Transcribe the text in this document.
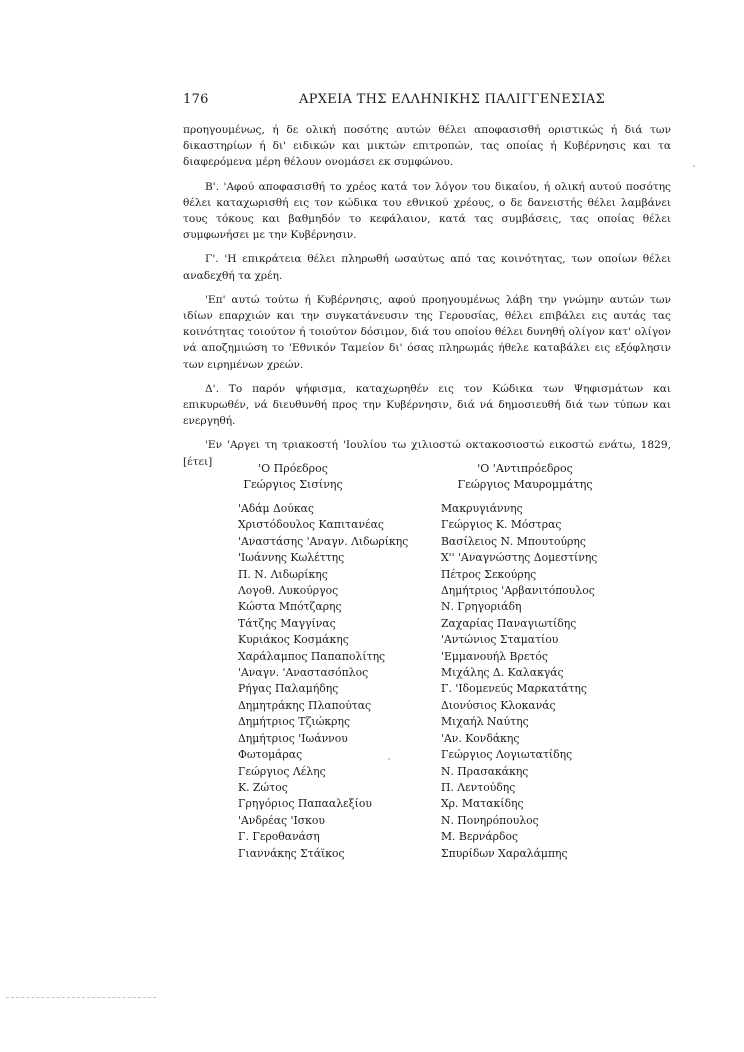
176	ΑΡΧΕΙΑ ΤΗΣ ΕΛΛΗΝΙΚΗΣ ΠΑΛΙΓΓΕΝΕΣΙΑΣ

προηγουμένως, ή δε ολική ποσότης αυτών θέλει αποφασισθή οριστικώς ή διά των δικαστηρίων ή δι' ειδικών και μικτών επιτροπών, τας οποίας ή Κυβέρνησις και τα διαφερόμενα μέρη θέλουν ονομάσει εκ συμφώνου.

Β'. 'Αφού αποφασισθή το χρέος κατά τον λόγον του δικαίου, ή ολική αυτού ποσότης θέλει καταχωρισθή εις τον κώδικα του εθνικού χρέους, ο δε δανειστής θέλει λαμβάνει τους τόκους και βαθμηδόν το κεφάλαιον, κατά τας συμβάσεις, τας οποίας θέλει συμφωνήσει με την Κυβέρνησιν.

Γ'. 'Η επικράτεια θέλει πληρωθή ωσαύτως από τας κοινότητας, των οποίων θέλει αναδεχθή τα χρέη.

'Επ' αυτώ τούτω ή Κυβέρνησις, αφού προηγουμένως λάβη την γνώμην αυτών των ιδίων επαρχιών και την συγκατάνευσιν της Γερουσίας, θέλει επιβάλει εις αυτάς τας κοινότητας τοιούτον ή τοιούτον δόσιμον, διά του οποίου θέλει δυνηθή ολίγον κατ' ολίγον νά αποζημιώση το 'Εθνικόν Ταμείον δι' όσας πληρωμάς ήθελε καταβάλει εις εξόφλησιν των ειρημένων χρεών.

Δ'. Το παρόν ψήφισμα, καταχωρηθέν εις τον Κώδικα των Ψηφισμάτων και επικυρωθέν, νά διευθυνθή προς την Κυβέρνησιν, διά νά δημοσιευθή διά των τύπων και ενεργηθή.

'Εν 'Αργει τη τριακοστή 'Ιουλίου τω χιλιοστώ οκτακοσιοστώ εικοστώ ενάτω, 1829, [έτει]

'Ο Πρόεδρος
Γεώργιος Σισίνης
'Ο 'Αντιπρόεδρος
Γεώργιος Μαυρομμάτης
'Αδάμ Δούκας
Χριστόδουλος Καπιτανέας
'Αναστάσης 'Αναγν. Λιδωρίκης
'Ιωάννης Κωλέττης
Π. Ν. Λιδωρίκης
Λογοθ. Λυκούργος
Κώστα Μπότζαρης
Τάτζης Μαγγίνας
Κυριάκος Κοσμάκης
Χαράλαμπος Παπαπολίτης
'Αναγν. 'Αναστασόπλος
Ρήγας Παλαμήδης
Δημητράκης Πλαπούτας
Δημήτριος Τζιώκρης
Δημήτριος 'Ιωάννου
Φωτομάρας
Γεώργιος Λέλης
Κ. Ζώτος
Γρηγόριος Παπααλεξίου
'Ανδρέας 'Ισκου
Γ. Γεροθανάση
Γιαννάκης Στάϊκος
Μακρυγιάννης
Γεώργιος Κ. Μόστρας
Βασίλειος Ν. Μπουτούρης
Χ'' 'Αναγνώστης Δομεστίνης
Πέτρος Σεκούρης
Δημήτριος 'Αρβανιτόπουλος
Ν. Γρηγοριάδη
Ζαχαρίας Παναγιωτίδης
'Αντώνιος Σταματίου
'Εμμανουήλ Βρετός
Μιχάλης Δ. Καλακγάς
Γ. 'Ιδομενεύς Μαρκατάτης
Διονύσιος Κλοκανάς
Μιχαήλ Ναύτης
'Αν. Κονδάκης
Γεώργιος Λογιωτατίδης
Ν. Πρασακάκης
Π. Λεντούδης
Χρ. Ματακίδης
Ν. Πονηρόπουλος
Μ. Βερνάρδος
Σπυρίδων Χαραλάμπης
